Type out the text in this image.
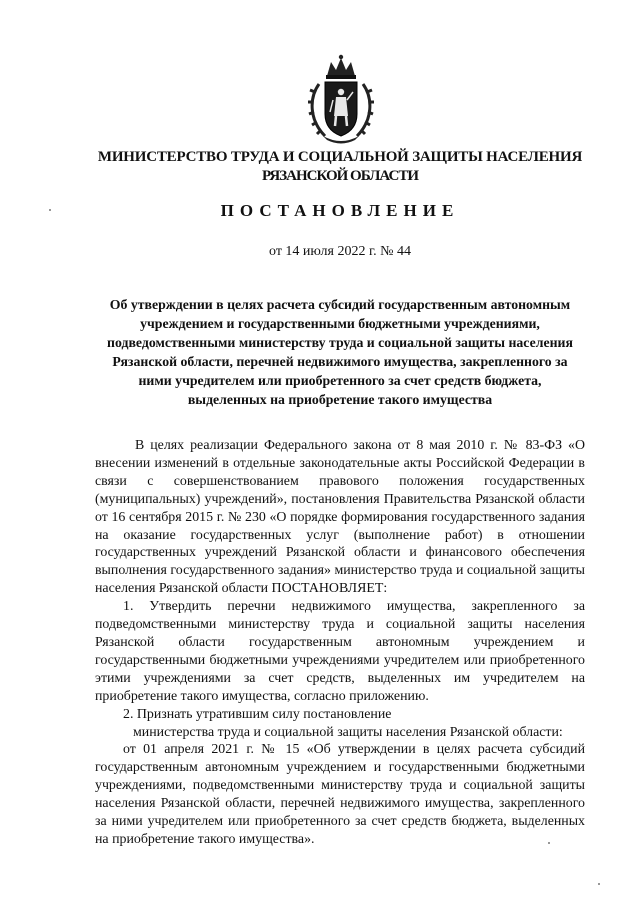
МИНИСТЕРСТВО ТРУДА И СОЦИАЛЬНОЙ ЗАЩИТЫ НАСЕЛЕНИЯ
РЯЗАНСКОЙ ОБЛАСТИ
ПОСТАНОВЛЕНИЕ
от 14 июля 2022 г. № 44
Об утверждении в целях расчета субсидий государственным автономным учреждением и государственными бюджетными учреждениями, подведомственными министерству труда и социальной защиты населения Рязанской области, перечней недвижимого имущества, закрепленного за ними учредителем или приобретенного за счет средств бюджета, выделенных на приобретение такого имущества

В целях реализации Федерального закона от 8 мая 2010 г. № 83-ФЗ «О внесении изменений в отдельные законодательные акты Российской Федерации в связи с совершенствованием правового положения государственных (муниципальных) учреждений», постановления Правительства Рязанской области от 16 сентября 2015 г. № 230 «О порядке формирования государственного задания на оказание государственных услуг (выполнение работ) в отношении государственных учреждений Рязанской области и финансового обеспечения выполнения государственного задания» министерство труда и социальной защиты населения Рязанской области ПОСТАНОВЛЯЕТ:

1. Утвердить перечни недвижимого имущества, закрепленного за подведомственными министерству труда и социальной защиты населения Рязанской области государственным автономным учреждением и государственными бюджетными учреждениями учредителем или приобретенного этими учреждениями за счет средств, выделенных им учредителем на приобретение такого имущества, согласно приложению.

2. Признать утратившим силу постановление

министерства труда и социальной защиты населения Рязанской области:

от 01 апреля 2021 г. № 15 «Об утверждении в целях расчета субсидий государственным автономным учреждением и государственными бюджетными учреждениями, подведомственными министерству труда и социальной защиты населения Рязанской области, перечней недвижимого имущества, закрепленного за ними учредителем или приобретенного за счет средств бюджета, выделенных на приобретение такого имущества».
